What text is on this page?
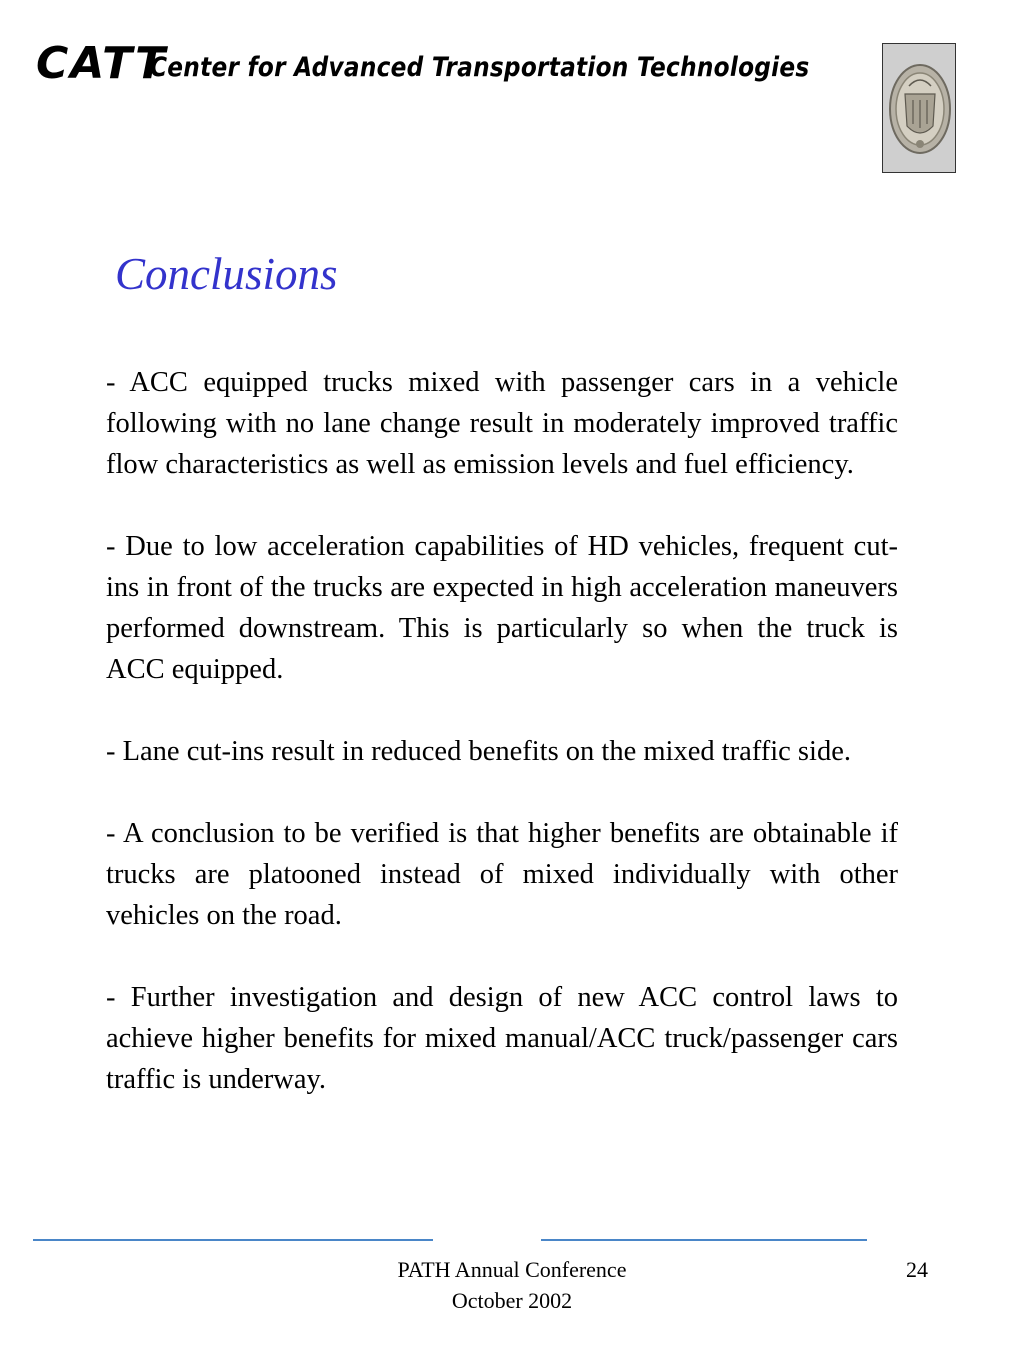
CATT
Center for Advanced Transportation Technologies
Conclusions

- ACC equipped trucks mixed with passenger cars in a vehicle following with no lane change result in moderately improved traffic flow characteristics as well as emission levels and fuel efficiency.

- Due to low acceleration capabilities of HD vehicles, frequent cut-ins in front of the trucks are expected in high acceleration maneuvers performed downstream. This is particularly so when the truck is ACC equipped.

- Lane cut-ins result in reduced benefits on the mixed traffic side.

- A conclusion to be verified is that higher benefits are obtainable if trucks are platooned instead of mixed individually with other vehicles on the road.

- Further investigation and design of new ACC control laws to achieve higher benefits for mixed manual/ACC truck/passenger cars traffic is underway.

PATH Annual Conference
October 2002
24
